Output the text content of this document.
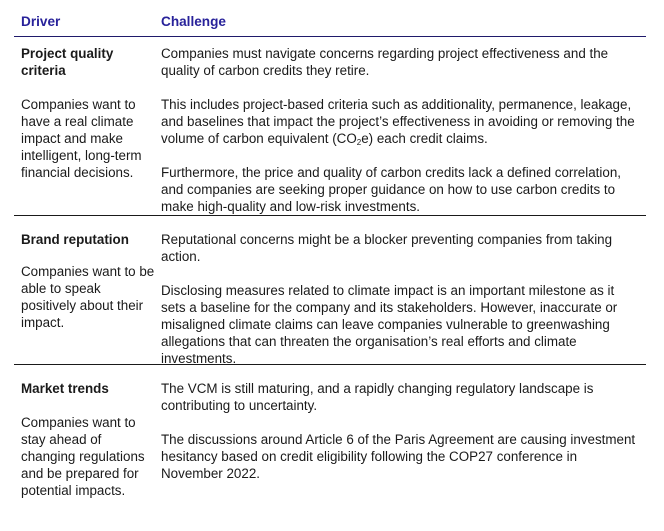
Driver	Challenge

Project quality criteria

Companies want to have a real climate impact and make intelligent, long-term financial decisions.

Companies must navigate concerns regarding project effectiveness and the quality of carbon credits they retire.

This includes project-based criteria such as additionality, permanence, leakage, and baselines that impact the project’s effectiveness in avoiding or removing the volume of carbon equivalent $(CO_2e)$ each credit claims.

Furthermore, the price and quality of carbon credits lack a defined correlation, and companies are seeking proper guidance on how to use carbon credits to make high-quality and low-risk investments.

Brand reputation

Companies want to be able to speak positively about their impact.

Reputational concerns might be a blocker preventing companies from taking action.

Disclosing measures related to climate impact is an important milestone as it sets a baseline for the company and its stakeholders. However, inaccurate or misaligned climate claims can leave companies vulnerable to greenwashing allegations that can threaten the organisation’s real efforts and climate investments.

Market trends

Companies want to stay ahead of changing regulations and be prepared for potential impacts.

The VCM is still maturing, and a rapidly changing regulatory landscape is contributing to uncertainty.

The discussions around Article 6 of the Paris Agreement are causing investment hesitancy based on credit eligibility following the COP27 conference in November 2022.
